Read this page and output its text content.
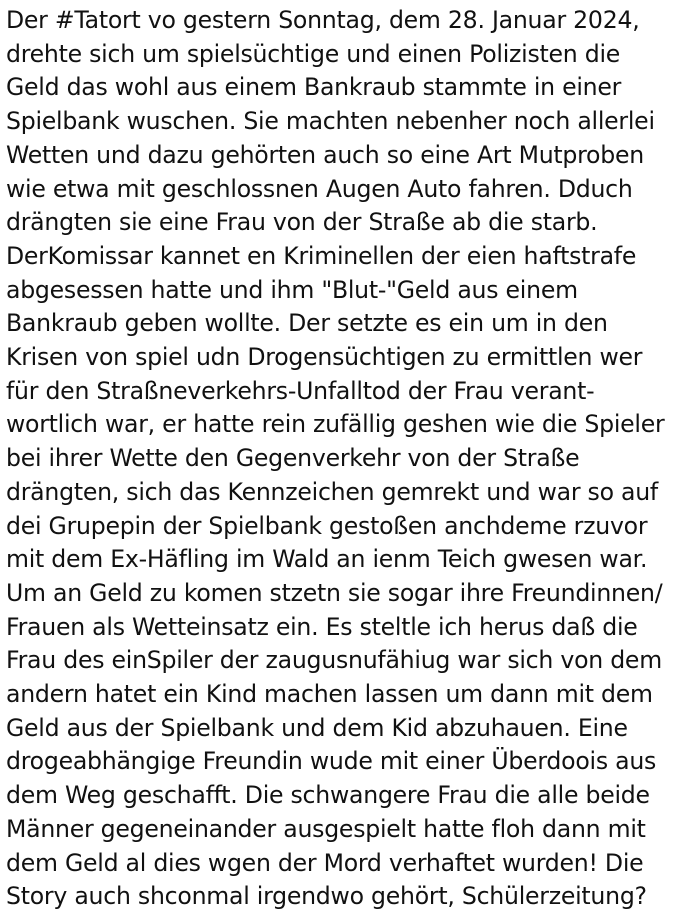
Der #Tatort vo gestern Sonntag, dem 28. Januar 2024,
drehte sich um spielsüchtige und einen Polizisten die
Geld das wohl aus einem Bankraub stammte in einer
Spielbank wuschen. Sie machten nebenher noch allerlei
Wetten und dazu gehörten auch so eine Art Mutproben
wie etwa mit geschlossnen Augen Auto fahren. Dduch
drängten sie eine Frau von der Straße ab die starb.
DerKomissar kannet en Kriminellen der eien haftstrafe
abgesessen hatte und ihm "Blut-"Geld aus einem
Bankraub geben wollte. Der setzte es ein um in den
Krisen von spiel udn Drogensüchtigen zu ermittlen wer
für den Straßneverkehrs-Unfalltod der Frau verant-
wortlich war, er hatte rein zufällig geshen wie die Spieler
bei ihrer Wette den Gegenverkehr von der Straße
drängten, sich das Kennzeichen gemrekt und war so auf
dei Grupepin der Spielbank gestoßen anchdeme rzuvor
mit dem Ex-Häfling im Wald an ienm Teich gwesen war.
Um an Geld zu komen stzetn sie sogar ihre Freundinnen/
Frauen als Wetteinsatz ein. Es steltle ich herus daß die
Frau des einSpiler der zaugusnufähiug war sich von dem
andern hatet ein Kind machen lassen um dann mit dem
Geld aus der Spielbank und dem Kid abzuhauen. Eine
drogeabhängige Freundin wude mit einer Überdoois aus
dem Weg geschafft. Die schwangere Frau die alle beide
Männer gegeneinander ausgespielt hatte floh dann mit
dem Geld al dies wgen der Mord verhaftet wurden! Die
Story auch shconmal irgendwo gehört, Schülerzeitung?
